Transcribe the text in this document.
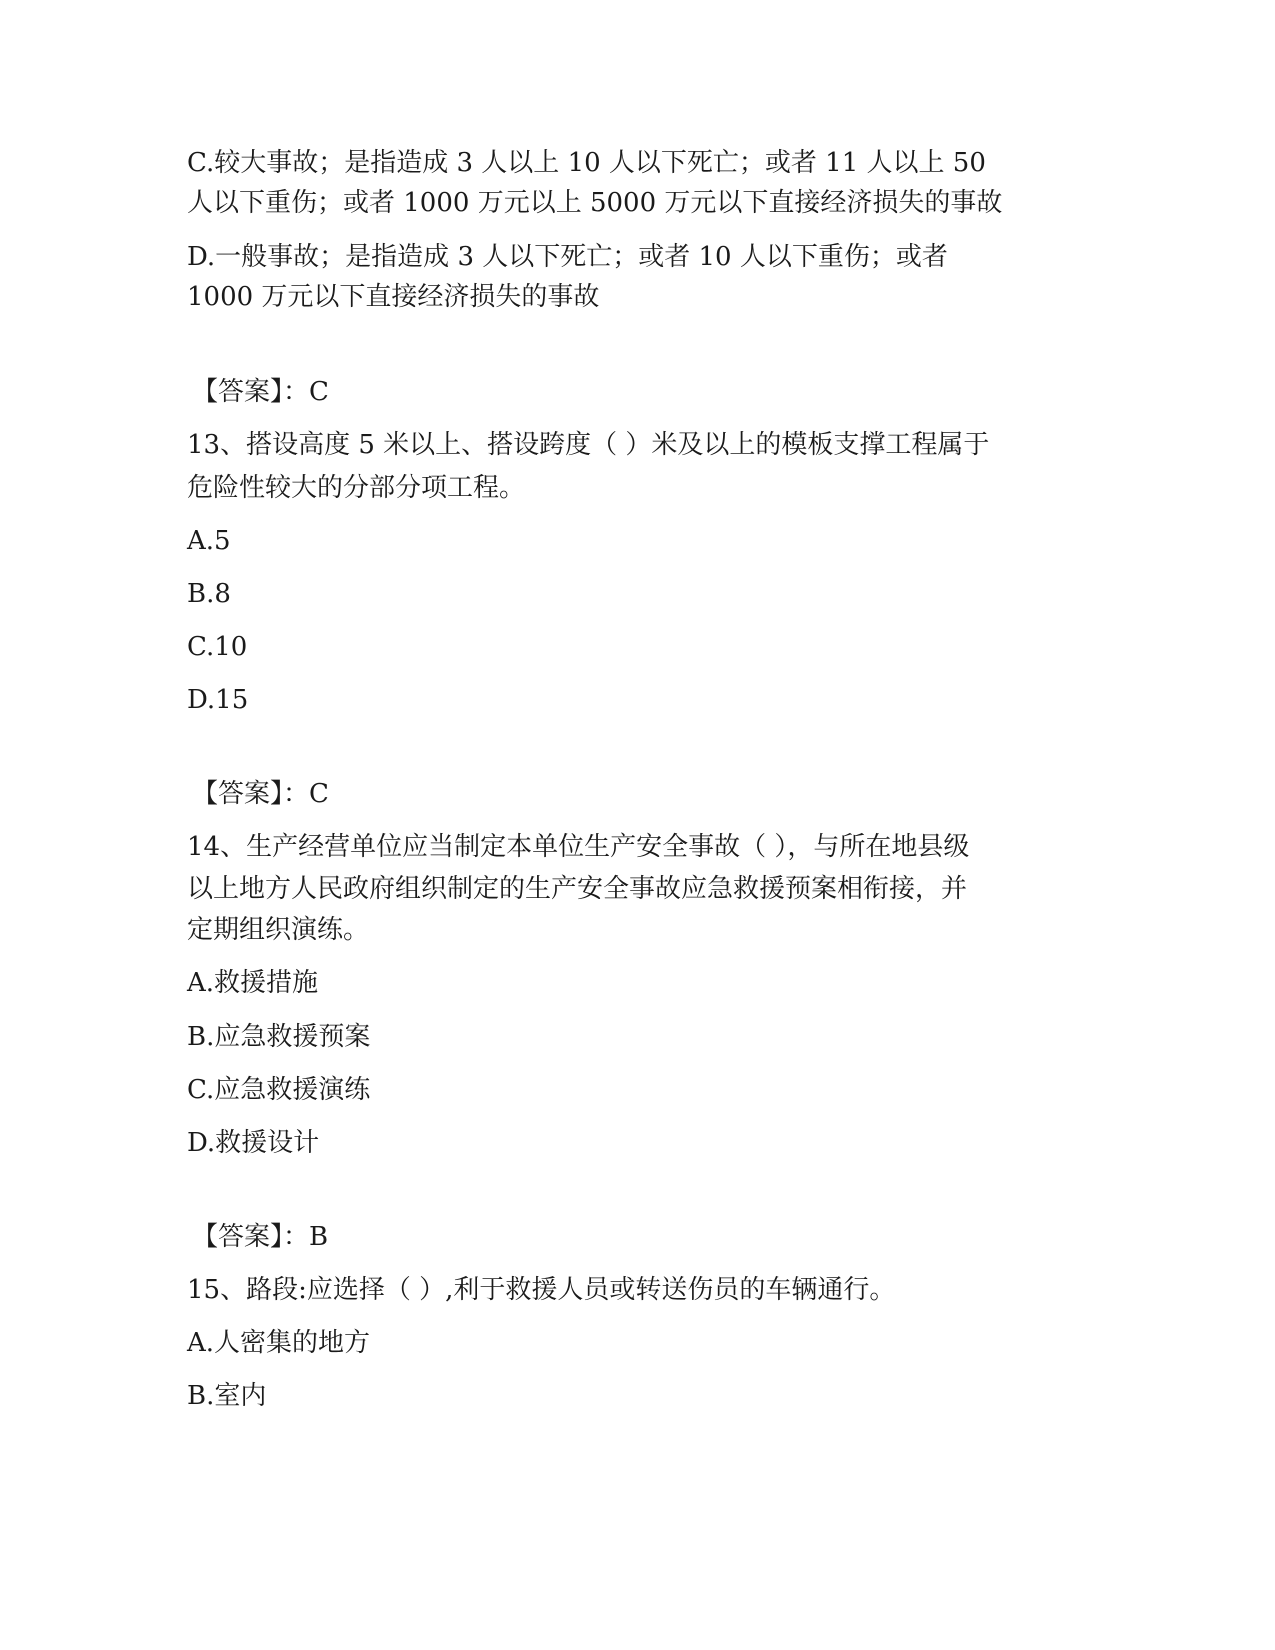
C.较大事故；是指造成 3 人以上 10 人以下死亡；或者 11 人以上 50
人以下重伤；或者 1000 万元以上 5000 万元以下直接经济损失的事故
D.一般事故；是指造成 3 人以下死亡；或者 10 人以下重伤；或者
1000 万元以下直接经济损失的事故
【答案】：C
13、搭设高度 5 米以上、搭设跨度（ ）米及以上的模板支撑工程属于
危险性较大的分部分项工程。
A.5
B.8
C.10
D.15
【答案】：C
14、生产经营单位应当制定本单位生产安全事故（ ），与所在地县级
以上地方人民政府组织制定的生产安全事故应急救援预案相衔接，并
定期组织演练。
A.救援措施
B.应急救援预案
C.应急救援演练
D.救援设计
【答案】：B
15、路段:应选择（ ）,利于救援人员或转送伤员的车辆通行。
A.人密集的地方
B.室内
